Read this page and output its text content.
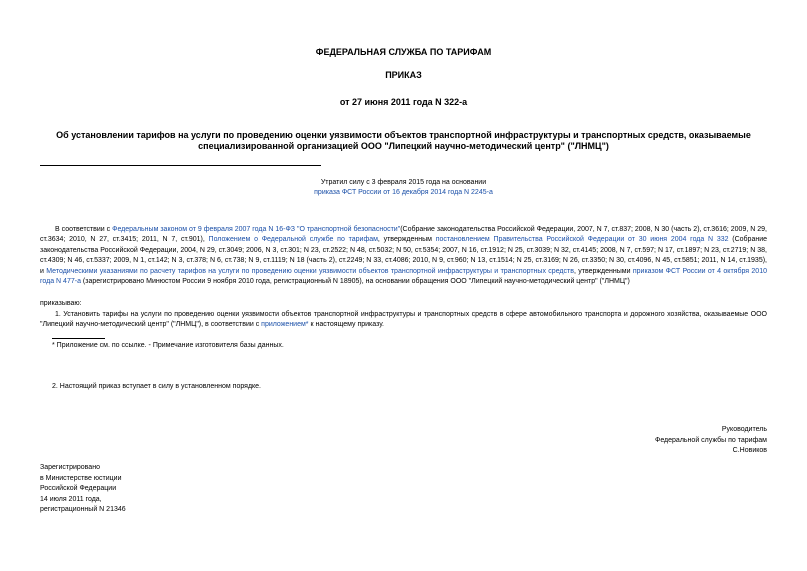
ФЕДЕРАЛЬНАЯ СЛУЖБА ПО ТАРИФАМ
ПРИКАЗ
от 27 июня 2011 года N 322-а
Об установлении тарифов на услуги по проведению оценки уязвимости объектов транспортной инфраструктуры и транспортных средств, оказываемые специализированной организацией ООО "Липецкий научно-методический центр" ("ЛНМЦ")
Утратил силу с 3 февраля 2015 года на основании
приказа ФСТ России от 16 декабря 2014 года N 2245-а
В соответствии с Федеральным законом от 9 февраля 2007 года N 16-ФЗ "О транспортной безопасности"(Собрание законодательства Российской Федерации, 2007, N 7, ст.837; 2008, N 30 (часть 2), ст.3616; 2009, N 29, ст.3634; 2010, N 27, ст.3415; 2011, N 7, ст.901), Положением о Федеральной службе по тарифам, утвержденным постановлением Правительства Российской Федерации от 30 июня 2004 года N 332 (Собрание законодательства Российской Федерации, 2004, N 29, ст.3049; 2006, N 3, ст.301; N 23, ст.2522; N 48, ст.5032; N 50, ст.5354; 2007, N 16, ст.1912; N 25, ст.3039; N 32, ст.4145; 2008, N 7, ст.597; N 17, ст.1897; N 23, ст.2719; N 38, ст.4309; N 46, ст.5337; 2009, N 1, ст.142; N 3, ст.378; N 6, ст.738; N 9, ст.1119; N 18 (часть 2), ст.2249; N 33, ст.4086; 2010, N 9, ст.960; N 13, ст.1514; N 25, ст.3169; N 26, ст.3350; N 30, ст.4096, N 45, ст.5851; 2011, N 14, ст.1935), и Методическими указаниями по расчету тарифов на услуги по проведению оценки уязвимости объектов транспортной инфраструктуры и транспортных средств, утвержденными приказом ФСТ России от 4 октября 2010 года N 477-а (зарегистрировано Минюстом России 9 ноября 2010 года, регистрационный N 18905), на основании обращения ООО "Липецкий научно-методический центр" ("ЛНМЦ")
приказываю:
1. Установить тарифы на услуги по проведению оценки уязвимости объектов транспортной инфраструктуры и транспортных средств в сфере автомобильного транспорта и дорожного хозяйства, оказываемые ООО "Липецкий научно-методический центр" ("ЛНМЦ"), в соответствии с приложением* к настоящему приказу.
* Приложение см. по ссылке. - Примечание изготовителя базы данных.
2. Настоящий приказ вступает в силу в установленном порядке.
Руководитель
Федеральной службы по тарифам
С.Новиков
Зарегистрировано
в Министерстве юстиции
Российской Федерации
14 июля 2011 года,
регистрационный N 21346
